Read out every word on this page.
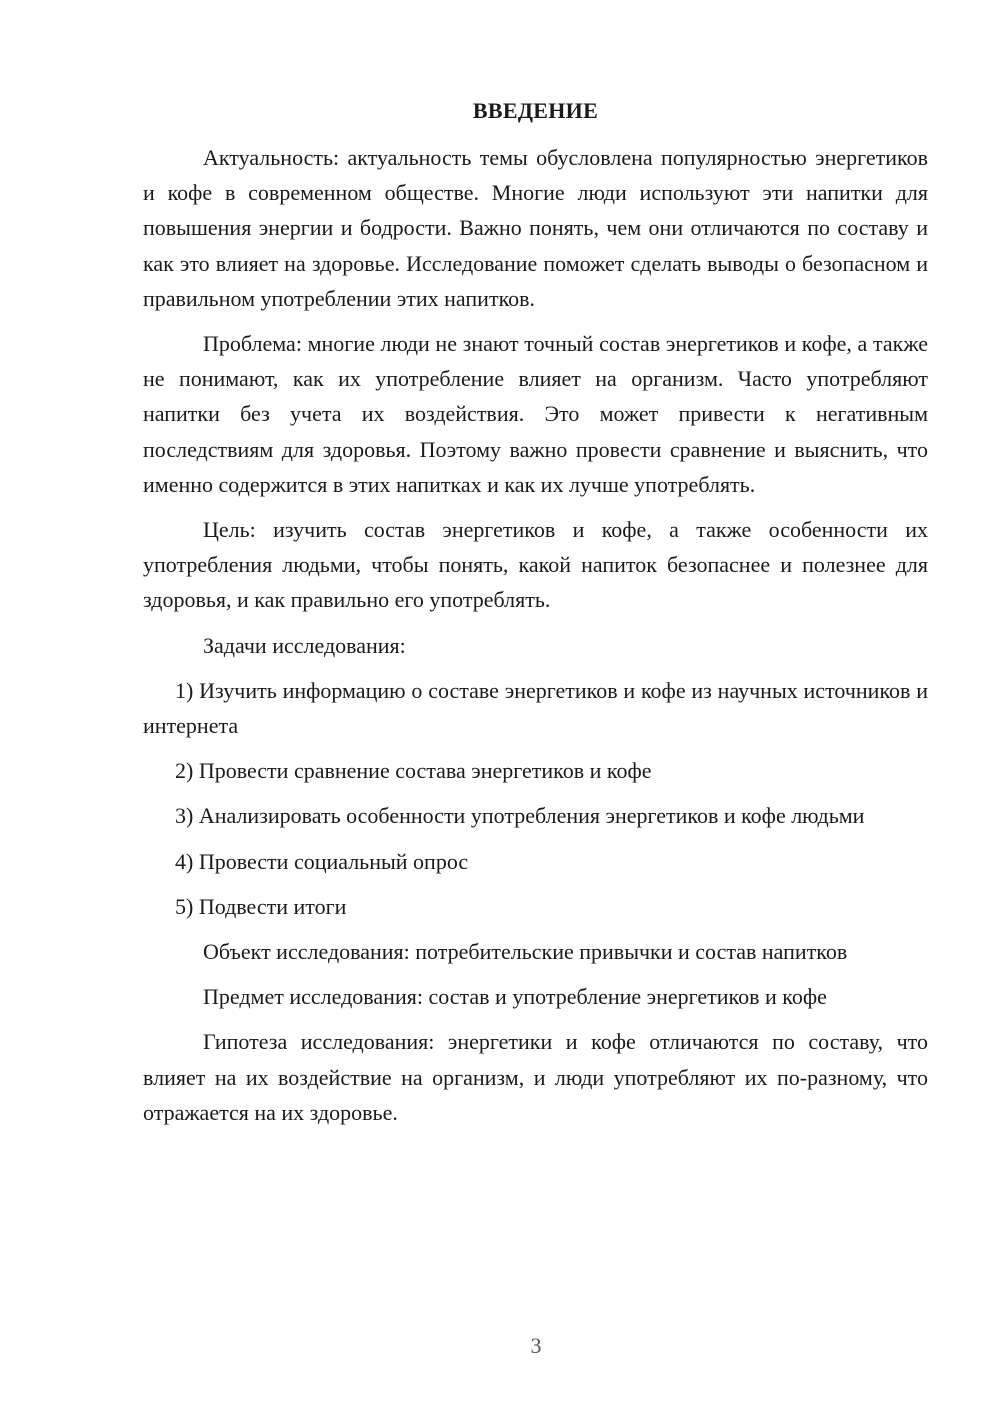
ВВЕДЕНИЕ

Актуальность: актуальность темы обусловлена популярностью энергетиков и кофе в современном обществе. Многие люди используют эти напитки для повышения энергии и бодрости. Важно понять, чем они отличаются по составу и как это влияет на здоровье. Исследование поможет сделать выводы о безопасном и правильном употреблении этих напитков.

Проблема: многие люди не знают точный состав энергетиков и кофе, а также не понимают, как их употребление влияет на организм. Часто употребляют напитки без учета их воздействия. Это может привести к негативным последствиям для здоровья. Поэтому важно провести сравнение и выяснить, что именно содержится в этих напитках и как их лучше употреблять.

Цель: изучить состав энергетиков и кофе, а также особенности их употребления людьми, чтобы понять, какой напиток безопаснее и полезнее для здоровья, и как правильно его употреблять.

Задачи исследования:

1) Изучить информацию о составе энергетиков и кофе из научных источников и интернета

2) Провести сравнение состава энергетиков и кофе

3) Анализировать особенности употребления энергетиков и кофе людьми

4) Провести социальный опрос

5) Подвести итоги

Объект исследования: потребительские привычки и состав напитков

Предмет исследования: состав и употребление энергетиков и кофе

Гипотеза исследования: энергетики и кофе отличаются по составу, что влияет на их воздействие на организм, и люди употребляют их по-разному, что отражается на их здоровье.

3
